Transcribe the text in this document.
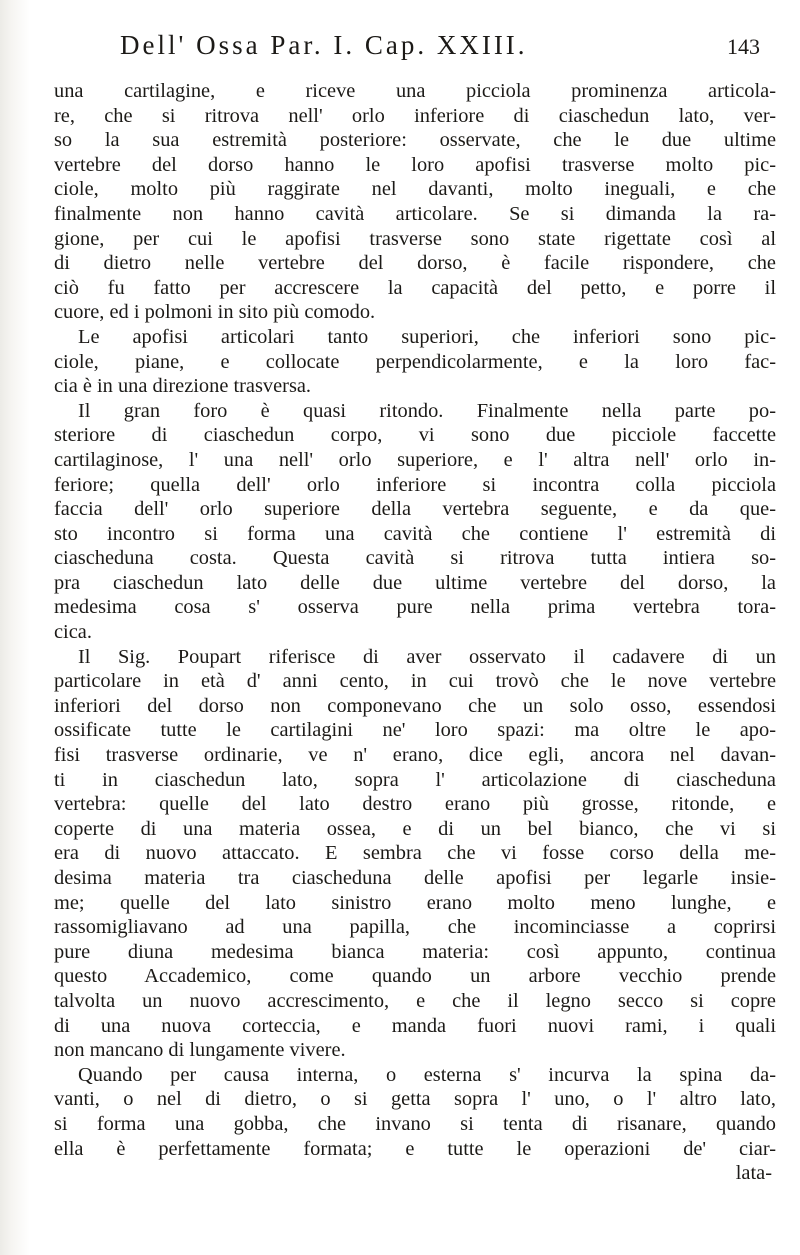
Dell' Ossa Par. I. Cap. XXIII.	143
una cartilagine, e riceve una picciola prominenza articola-
re, che si ritrova nell' orlo inferiore di ciaschedun lato, ver-
so la sua estremità posteriore: osservate, che le due ultime
vertebre del dorso hanno le loro apofisi trasverse molto pic-
ciole, molto più raggirate nel davanti, molto ineguali, e che
finalmente non hanno cavità articolare. Se si dimanda la ra-
gione, per cui le apofisi trasverse sono state rigettate così al
di dietro nelle vertebre del dorso, è facile rispondere, che
ciò fu fatto per accrescere la capacità del petto, e porre il
cuore, ed i polmoni in sito più comodo.
Le apofisi articolari tanto superiori, che inferiori sono pic-
ciole, piane, e collocate perpendicolarmente, e la loro fac-
cia è in una direzione trasversa.
Il gran foro è quasi ritondo. Finalmente nella parte po-
steriore di ciaschedun corpo, vi sono due picciole faccette
cartilaginose, l' una nell' orlo superiore, e l' altra nell' orlo in-
feriore; quella dell' orlo inferiore si incontra colla picciola
faccia dell' orlo superiore della vertebra seguente, e da que-
sto incontro si forma una cavità che contiene l' estremità di
ciascheduna costa. Questa cavità si ritrova tutta intiera so-
pra ciaschedun lato delle due ultime vertebre del dorso, la
medesima cosa s' osserva pure nella prima vertebra tora-
cica.
Il Sig. Poupart riferisce di aver osservato il cadavere di un
particolare in età d' anni cento, in cui trovò che le nove vertebre
inferiori del dorso non componevano che un solo osso, essendosi
ossificate tutte le cartilagini ne' loro spazi: ma oltre le apo-
fisi trasverse ordinarie, ve n' erano, dice egli, ancora nel davan-
ti in ciaschedun lato, sopra l' articolazione di ciascheduna
vertebra: quelle del lato destro erano più grosse, ritonde, e
coperte di una materia ossea, e di un bel bianco, che vi si
era di nuovo attaccato. E sembra che vi fosse corso della me-
desima materia tra ciascheduna delle apofisi per legarle insie-
me; quelle del lato sinistro erano molto meno lunghe, e
rassomigliavano ad una papilla, che incominciasse a coprirsi
pure diuna medesima bianca materia: così appunto, continua
questo Accademico, come quando un arbore vecchio prende
talvolta un nuovo accrescimento, e che il legno secco si copre
di una nuova corteccia, e manda fuori nuovi rami, i quali
non mancano di lungamente vivere.
Quando per causa interna, o esterna s' incurva la spina da-
vanti, o nel di dietro, o si getta sopra l' uno, o l' altro lato,
si forma una gobba, che invano si tenta di risanare, quando
ella è perfettamente formata; e tutte le operazioni de' ciar-
lata-
